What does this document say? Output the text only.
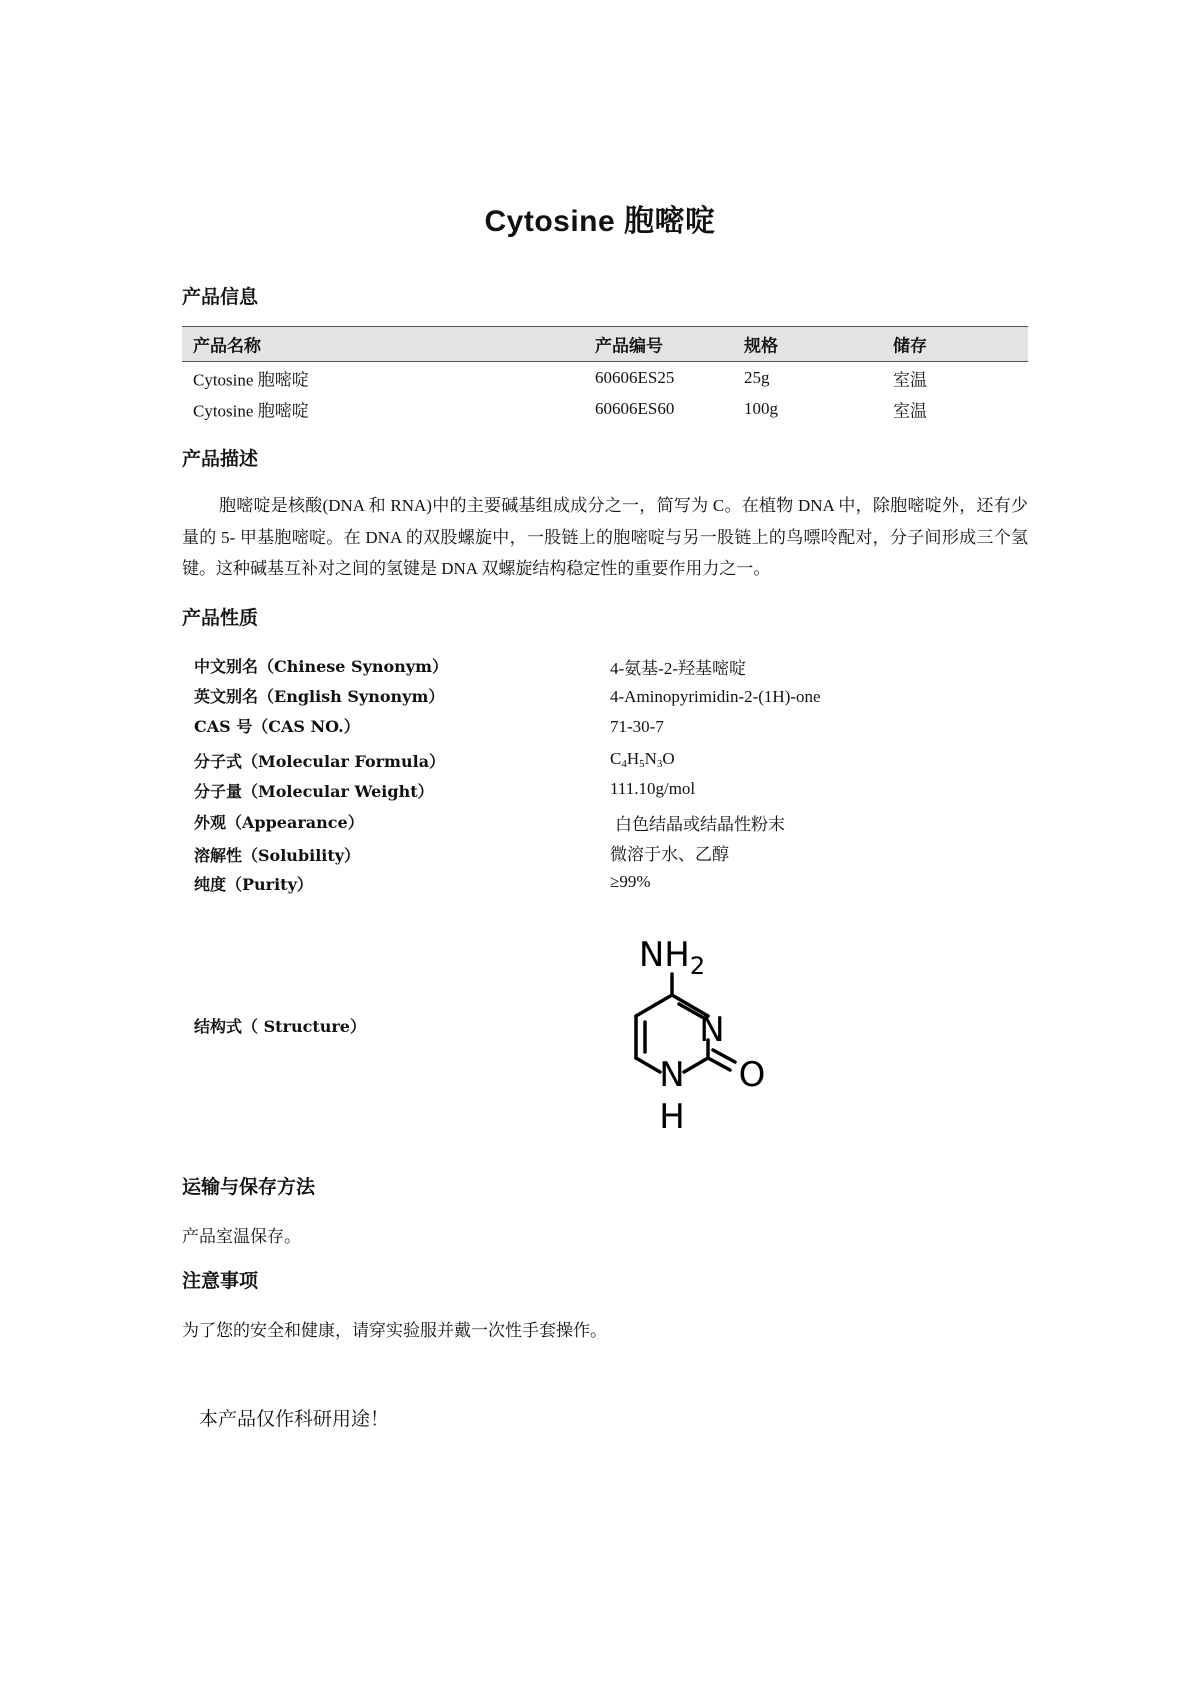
Cytosine 胞嘧啶
产品信息
产品名称	产品编号	规格	储存
Cytosine 胞嘧啶	60606ES25	25g	室温
Cytosine 胞嘧啶	60606ES60	100g	室温
产品描述
胞嘧啶是核酸(DNA 和 RNA)中的主要碱基组成成分之一，简写为 C。在植物 DNA 中，除胞嘧啶外，还有少量的 5- 甲基胞嘧啶。在 DNA 的双股螺旋中，一股链上的胞嘧啶与另一股链上的鸟嘌呤配对，分子间形成三个氢键。这种碱基互补对之间的氢键是 DNA 双螺旋结构稳定性的重要作用力之一。
产品性质
中文别名（Chinese Synonym）	4-氨基-2-羟基嘧啶
英文别名（English Synonym）	4-Aminopyrimidin-2-(1H)-one
CAS 号（CAS NO.）	71-30-7
分子式（Molecular Formula）	C4H5N3O
分子量（Molecular Weight）	111.10g/mol
外观（Appearance）	白色结晶或结晶性粉末
溶解性（Solubility）	微溶于水、乙醇
纯度（Purity）	≥99%
结构式（ Structure）
$NH_2$
N
N
H
O
运输与保存方法
产品室温保存。
注意事项
为了您的安全和健康，请穿实验服并戴一次性手套操作。
本产品仅作科研用途！
